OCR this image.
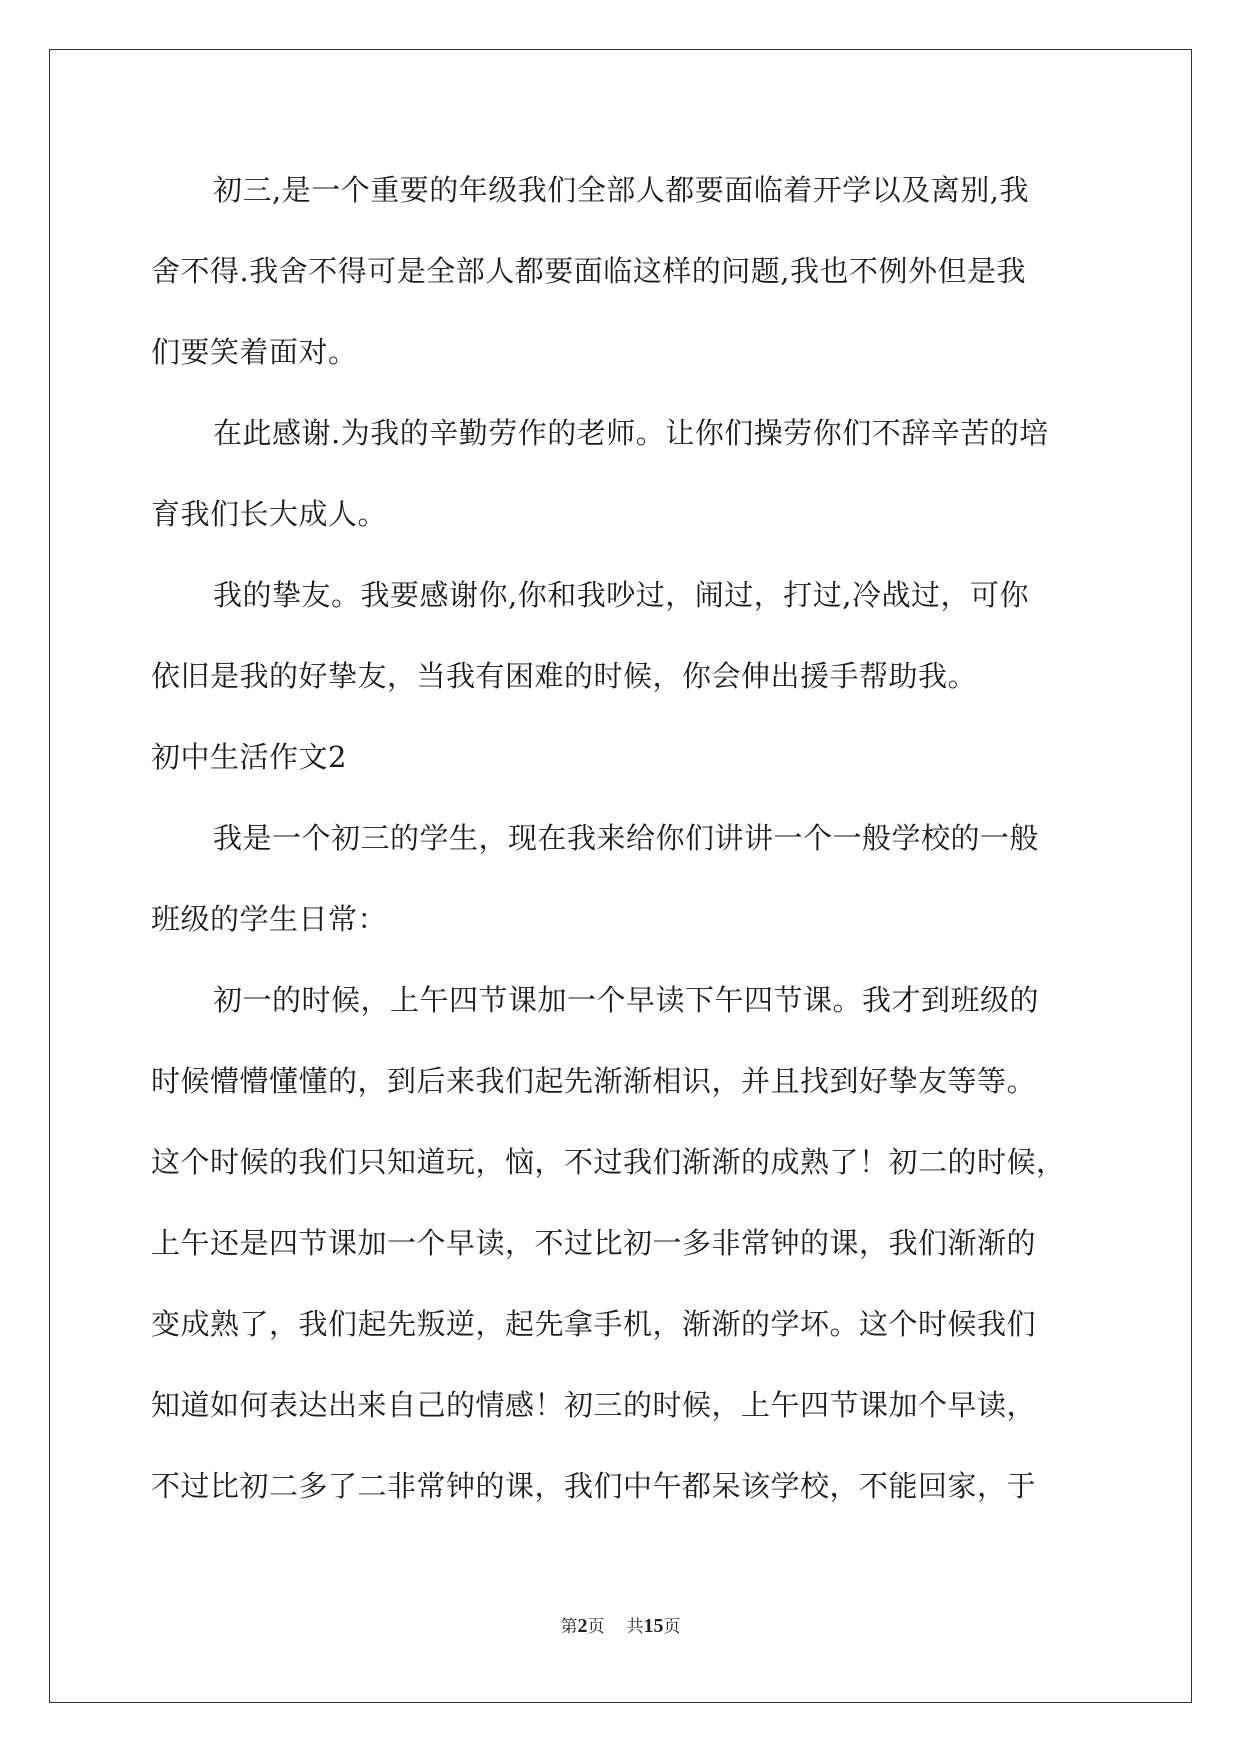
初三,是一个重要的年级我们全部人都要面临着开学以及离别,我
舍不得.我舍不得可是全部人都要面临这样的问题,我也不例外但是我
们要笑着面对。
在此感谢.为我的辛勤劳作的老师。让你们操劳你们不辞辛苦的培
育我们长大成人。
我的挚友。我要感谢你,你和我吵过，闹过，打过,冷战过，可你
依旧是我的好挚友，当我有困难的时候，你会伸出援手帮助我。
初中生活作文2
我是一个初三的学生，现在我来给你们讲讲一个一般学校的一般
班级的学生日常：
初一的时候，上午四节课加一个早读下午四节课。我才到班级的
时候懵懵懂懂的，到后来我们起先渐渐相识，并且找到好挚友等等。
这个时候的我们只知道玩，恼，不过我们渐渐的成熟了！初二的时候，
上午还是四节课加一个早读，不过比初一多非常钟的课，我们渐渐的
变成熟了，我们起先叛逆，起先拿手机，渐渐的学坏。这个时候我们
知道如何表达出来自己的情感！初三的时候，上午四节课加个早读，
不过比初二多了二非常钟的课，我们中午都呆该学校，不能回家，于
第2页 共15页
